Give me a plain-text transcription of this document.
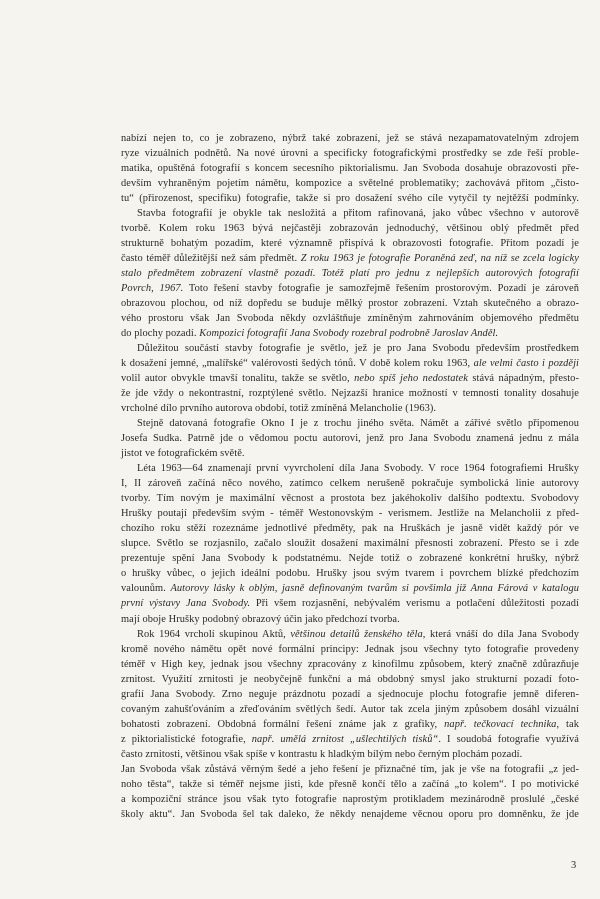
nabízí nejen to, co je zobrazeno, nýbrž také zobrazení, jež se stává nezapamatovatelným zdrojem
ryze vizuálních podnětů. Na nové úrovni a specificky fotografickými prostředky se zde řeší proble-
matika, opuštěná fotografií s koncem secesního piktorialismu. Jan Svoboda dosahuje obrazovosti pře-
devším vyhraněným pojetím námětu, kompozice a světelné problematiky; zachovává přitom „čisto-
tu“ (přirozenost, specifiku) fotografie, takže si pro dosažení svého cíle vytyčil ty nejtěžší podmínky.
Stavba fotografií je obykle tak nesložitá a přitom rafinovaná, jako vůbec všechno v autorově
tvorbě. Kolem roku 1963 bývá nejčastěji zobrazován jednoduchý, většinou oblý předmět před
strukturně bohatým pozadím, které významně přispívá k obrazovosti fotografie. Přitom pozadí je
často téměř důležitější než sám předmět. Z roku 1963 je fotografie Poraněná zeď, na níž se zcela logicky
stalo předmětem zobrazení vlastně pozadí. Totéž platí pro jednu z nejlepších autorových fotografií
Povrch, 1967. Toto řešení stavby fotografie je samozřejmě řešením prostorovým. Pozadí je zároveň
obrazovou plochou, od níž dopředu se buduje mělký prostor zobrazení. Vztah skutečného a obrazo-
vého prostoru však Jan Svoboda někdy ozvláštňuje zmíněným zahrnováním objemového předmětu
do plochy pozadí. Kompozici fotografií Jana Svobody rozebral podrobně Jaroslav Anděl.
Důležitou součástí stavby fotografie je světlo, jež je pro Jana Svobodu především prostředkem
k dosažení jemné, „malířské“ valérovosti šedých tónů. V době kolem roku 1963, ale velmi často i později
volil autor obvykle tmavší tonalitu, takže se světlo, nebo spíš jeho nedostatek stává nápadným, přesto-
že jde vždy o nekontrastní, rozptýlené světlo. Nejzazší hranice možností v temnosti tonality dosahuje
vrcholné dílo prvního autorova období, totiž zmíněná Melancholie (1963).
Stejně datovaná fotografie Okno I je z trochu jiného světa. Námět a zářivé světlo připomenou
Josefa Sudka. Patrně jde o vědomou poctu autorovi, jenž pro Jana Svobodu znamená jednu z mála
jistot ve fotografickém světě.
Léta 1963—64 znamenají první vyvrcholení díla Jana Svobody. V roce 1964 fotografiemi Hrušky
I, II zároveň začíná něco nového, zatímco celkem nerušeně pokračuje symbolická linie autorovy
tvorby. Tím novým je maximální věcnost a prostota bez jakéhokoliv dalšího podtextu. Svobodovy
Hrušky poutají především svým - téměř Westonovským - verismem. Jestliže na Melancholii z před-
chozího roku stěží rozeznáme jednotlivé předměty, pak na Hruškách je jasně vidět každý pór ve
slupce. Světlo se rozjasnilo, začalo sloužit dosažení maximální přesnosti zobrazení. Přesto se i zde
prezentuje spění Jana Svobody k podstatnému. Nejde totiž o zobrazené konkrétní hrušky, nýbrž
o hrušky vůbec, o jejich ideální podobu. Hrušky jsou svým tvarem i povrchem blízké předchozím
valounům. Autorovy lásky k oblým, jasně definovaným tvarům si povšimla již Anna Fárová v katalogu
první výstavy Jana Svobody. Při všem rozjasnění, nebývalém verismu a potlačení důležitosti pozadí
mají oboje Hrušky podobný obrazový účin jako předchozí tvorba.
Rok 1964 vrcholí skupinou Aktů, většinou detailů ženského těla, která vnáší do díla Jana Svobody
kromě nového námětu opět nové formální principy: Jednak jsou všechny tyto fotografie provedeny
téměř v High key, jednak jsou všechny zpracovány z kinofilmu způsobem, který značně zdůrazňuje
zrnitost. Využití zrnitosti je neobyčejně funkční a má obdobný smysl jako strukturní pozadí foto-
grafií Jana Svobody. Zrno neguje prázdnotu pozadí a sjednocuje plochu fotografie jemně diferen-
covaným zahušťováním a zřeďováním světlých šedí. Autor tak zcela jiným způsobem dosáhl vizuální
bohatosti zobrazení. Obdobná formální řešení známe jak z grafiky, např. tečkovací technika, tak
z piktorialistické fotografie, např. umělá zrnitost „ušlechtilých tisků“. I soudobá fotografie využívá
často zrnitosti, většinou však spíše v kontrastu k hladkým bílým nebo černým plochám pozadí.
Jan Svoboda však zůstává věrným šedé a jeho řešení je přiznačné tím, jak je vše na fotografii „z jed-
noho těsta“, takže si téměř nejsme jisti, kde přesně končí tělo a začíná „to kolem“. I po motivické
a kompoziční stránce jsou však tyto fotografie naprostým protikladem mezinárodně proslulé „české
školy aktu“. Jan Svoboda šel tak daleko, že někdy nenajdeme věcnou oporu pro domněnku, že jde
3
